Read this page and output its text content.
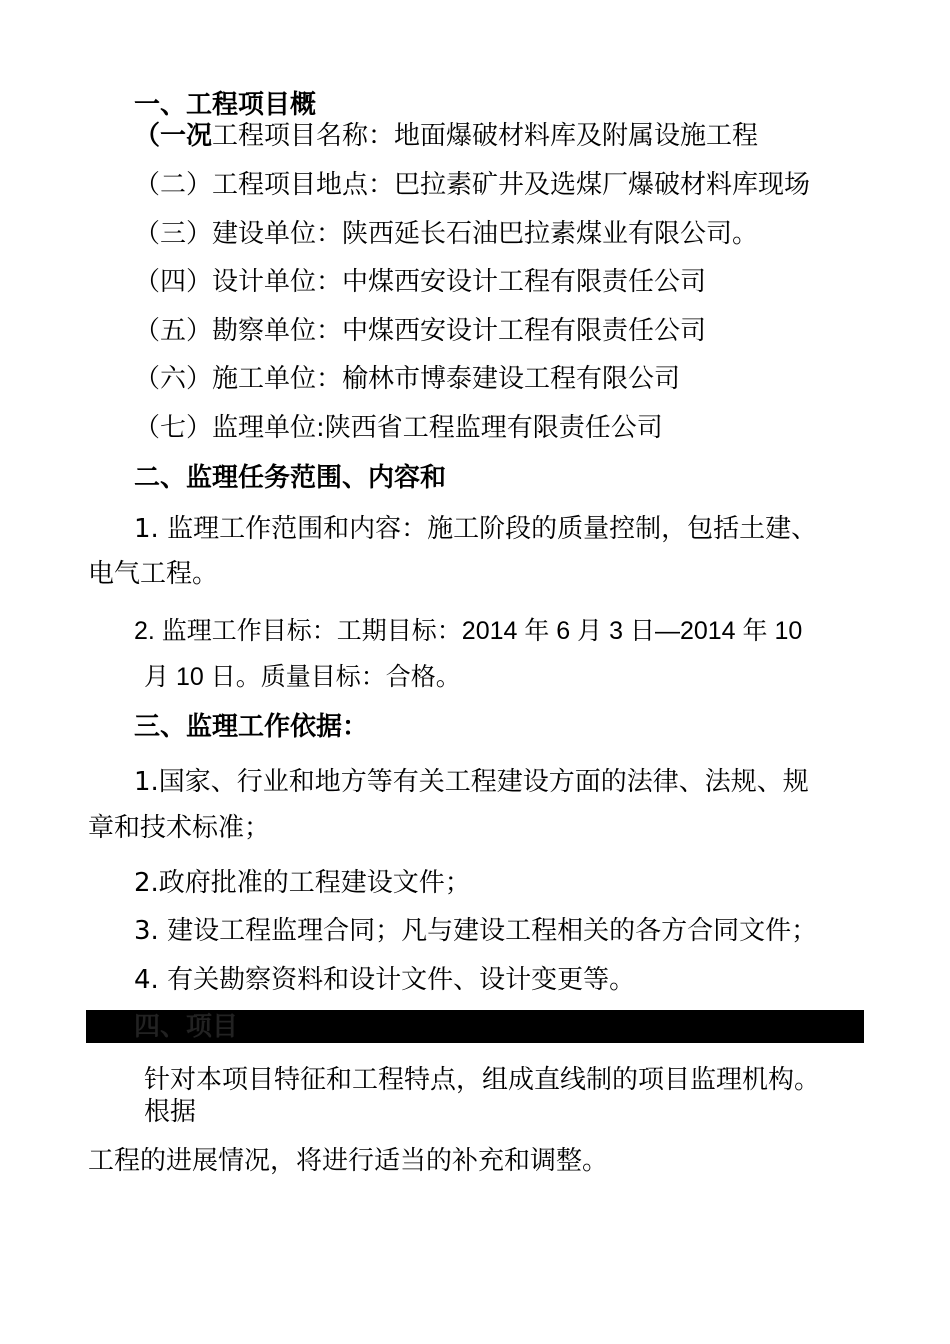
一、工程项目概
（一况工程项目名称：地面爆破材料库及附属设施工程
（二）工程项目地点：巴拉素矿井及选煤厂爆破材料库现场
（三）建设单位：陕西延长石油巴拉素煤业有限公司。
（四）设计单位：中煤西安设计工程有限责任公司
（五）勘察单位：中煤西安设计工程有限责任公司
（六）施工单位：榆林市博泰建设工程有限公司
（七）监理单位:陕西省工程监理有限责任公司
二、监理任务范围、内容和
1. 监理工作范围和内容：施工阶段的质量控制，包括土建、
电气工程。
2. 监理工作目标：工期目标：2014 年 6 月 3 日—2014 年 10
月 10 日。质量目标：合格。
三、监理工作依据：
1.国家、行业和地方等有关工程建设方面的法律、法规、规
章和技术标准；
2.政府批准的工程建设文件；
3. 建设工程监理合同；凡与建设工程相关的各方合同文件；
4. 有关勘察资料和设计文件、设计变更等。
四、项目
针对本项目特征和工程特点，组成直线制的项目监理机构。
根据
工程的进展情况，将进行适当的补充和调整。
